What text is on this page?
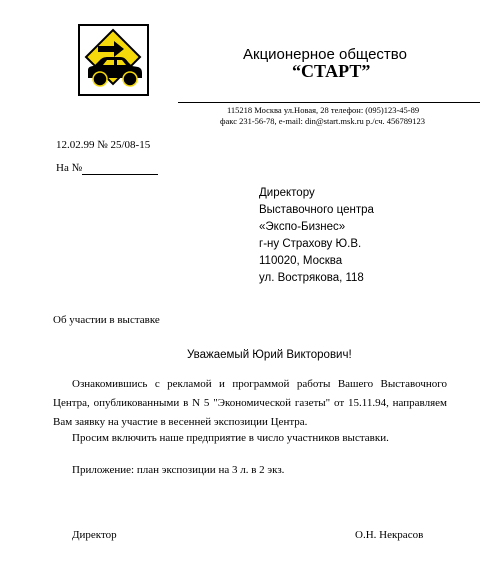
Акционерное общество
“СТАРТ”
115218 Москва ул.Новая, 28 телефон: (095)123-45-89
факс 231-56-78, e-mail: din@start.msk.ru р./сч. 456789123
12.02.99 № 25/08-15
На №
Директору
Выставочного центра
«Экспо-Бизнес»
г-ну Страхову Ю.В.
110020, Москва
ул. Вострякова, 118
Об участии в выставке
Уважаемый Юрий Викторович!
Ознакомившись с рекламой и программой работы Вашего Выставочного Центра, опубликованными в N 5 "Экономической газеты" от 15.11.94, направляем Вам заявку на участие в весенней экспозиции Центра.
Просим включить наше предприятие в число участников выставки.
Приложение: план экспозиции на 3 л. в 2 экз.
Директор	О.Н. Некрасов
